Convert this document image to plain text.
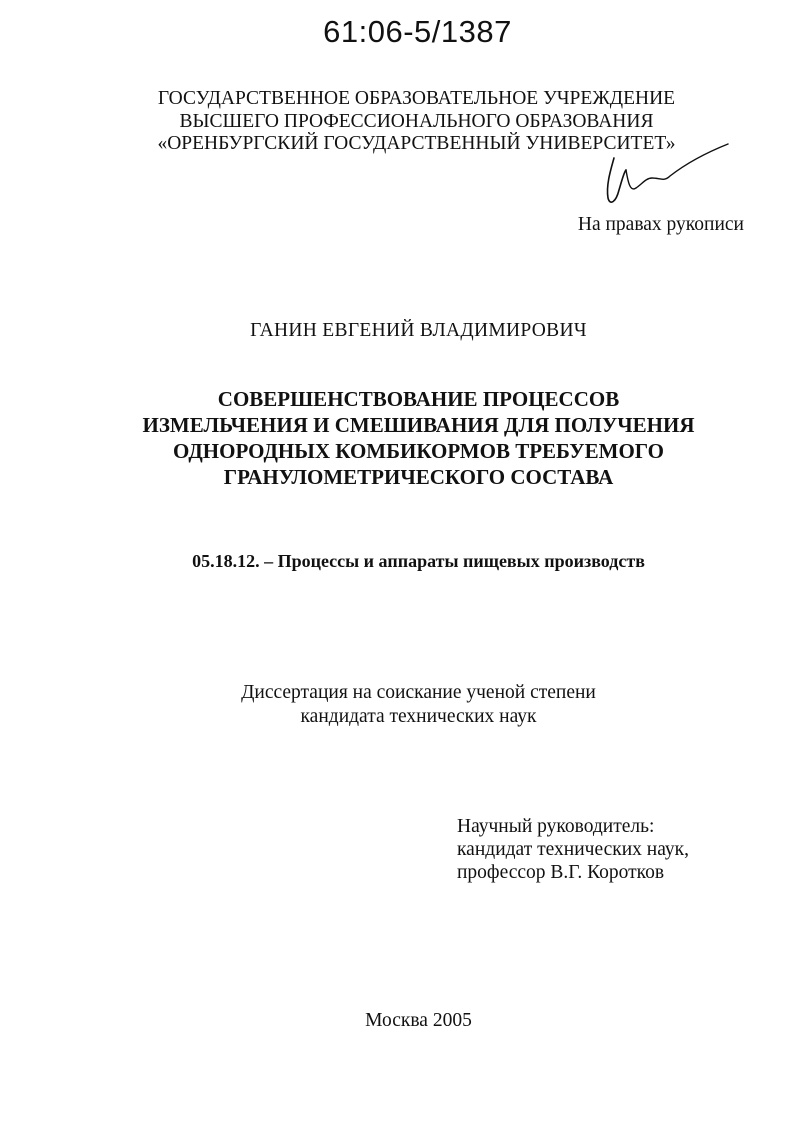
61:06-5/1387
ГОСУДАРСТВЕННОЕ ОБРАЗОВАТЕЛЬНОЕ УЧРЕЖДЕНИЕ
ВЫСШЕГО ПРОФЕССИОНАЛЬНОГО ОБРАЗОВАНИЯ
«ОРЕНБУРГСКИЙ ГОСУДАРСТВЕННЫЙ УНИВЕРСИТЕТ»
На правах рукописи
ГАНИН ЕВГЕНИЙ ВЛАДИМИРОВИЧ
СОВЕРШЕНСТВОВАНИЕ ПРОЦЕССОВ
ИЗМЕЛЬЧЕНИЯ И СМЕШИВАНИЯ ДЛЯ ПОЛУЧЕНИЯ
ОДНОРОДНЫХ КОМБИКОРМОВ ТРЕБУЕМОГО
ГРАНУЛОМЕТРИЧЕСКОГО СОСТАВА
05.18.12. – Процессы и аппараты пищевых производств
Диссертация на соискание ученой степени
кандидата технических наук
Научный руководитель:
кандидат технических наук,
профессор В.Г. Коротков
Москва 2005
